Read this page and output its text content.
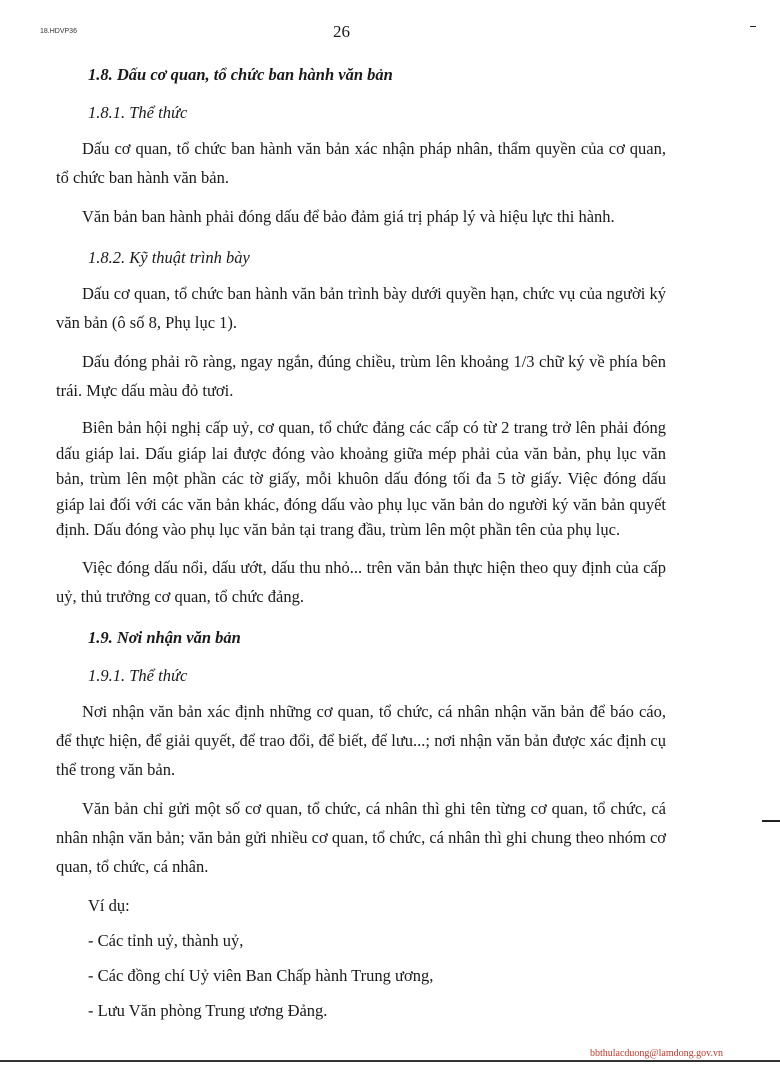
18.HDVP36	26
1.8. Dấu cơ quan, tổ chức ban hành văn bản
1.8.1. Thể thức

Dấu cơ quan, tổ chức ban hành văn bản xác nhận pháp nhân, thẩm quyền của cơ quan, tổ chức ban hành văn bản.

Văn bản ban hành phải đóng dấu để bảo đảm giá trị pháp lý và hiệu lực thi hành.

1.8.2. Kỹ thuật trình bày

Dấu cơ quan, tổ chức ban hành văn bản trình bày dưới quyền hạn, chức vụ của người ký văn bản (ô số 8, Phụ lục 1).

Dấu đóng phải rõ ràng, ngay ngắn, đúng chiều, trùm lên khoảng 1/3 chữ ký về phía bên trái. Mực dấu màu đỏ tươi.

Biên bản hội nghị cấp uỷ, cơ quan, tổ chức đảng các cấp có từ 2 trang trở lên phải đóng dấu giáp lai. Dấu giáp lai được đóng vào khoảng giữa mép phải của văn bản, phụ lục văn bản, trùm lên một phần các tờ giấy, mỗi khuôn dấu đóng tối đa 5 tờ giấy. Việc đóng dấu giáp lai đối với các văn bản khác, đóng dấu vào phụ lục văn bản do người ký văn bản quyết định. Dấu đóng vào phụ lục văn bản tại trang đầu, trùm lên một phần tên của phụ lục.

Việc đóng dấu nổi, dấu ướt, dấu thu nhỏ... trên văn bản thực hiện theo quy định của cấp uỷ, thủ trưởng cơ quan, tổ chức đảng.

1.9. Nơi nhận văn bản
1.9.1. Thể thức

Nơi nhận văn bản xác định những cơ quan, tổ chức, cá nhân nhận văn bản để báo cáo, để thực hiện, để giải quyết, để trao đổi, để biết, để lưu...; nơi nhận văn bản được xác định cụ thể trong văn bản.

Văn bản chỉ gửi một số cơ quan, tổ chức, cá nhân thì ghi tên từng cơ quan, tổ chức, cá nhân nhận văn bản; văn bản gửi nhiều cơ quan, tổ chức, cá nhân thì ghi chung theo nhóm cơ quan, tổ chức, cá nhân.

Ví dụ:

- Các tỉnh uỷ, thành uỷ,

- Các đồng chí Uỷ viên Ban Chấp hành Trung ương,

- Lưu Văn phòng Trung ương Đảng.

bbthulacduong@lamdong.gov.vn
